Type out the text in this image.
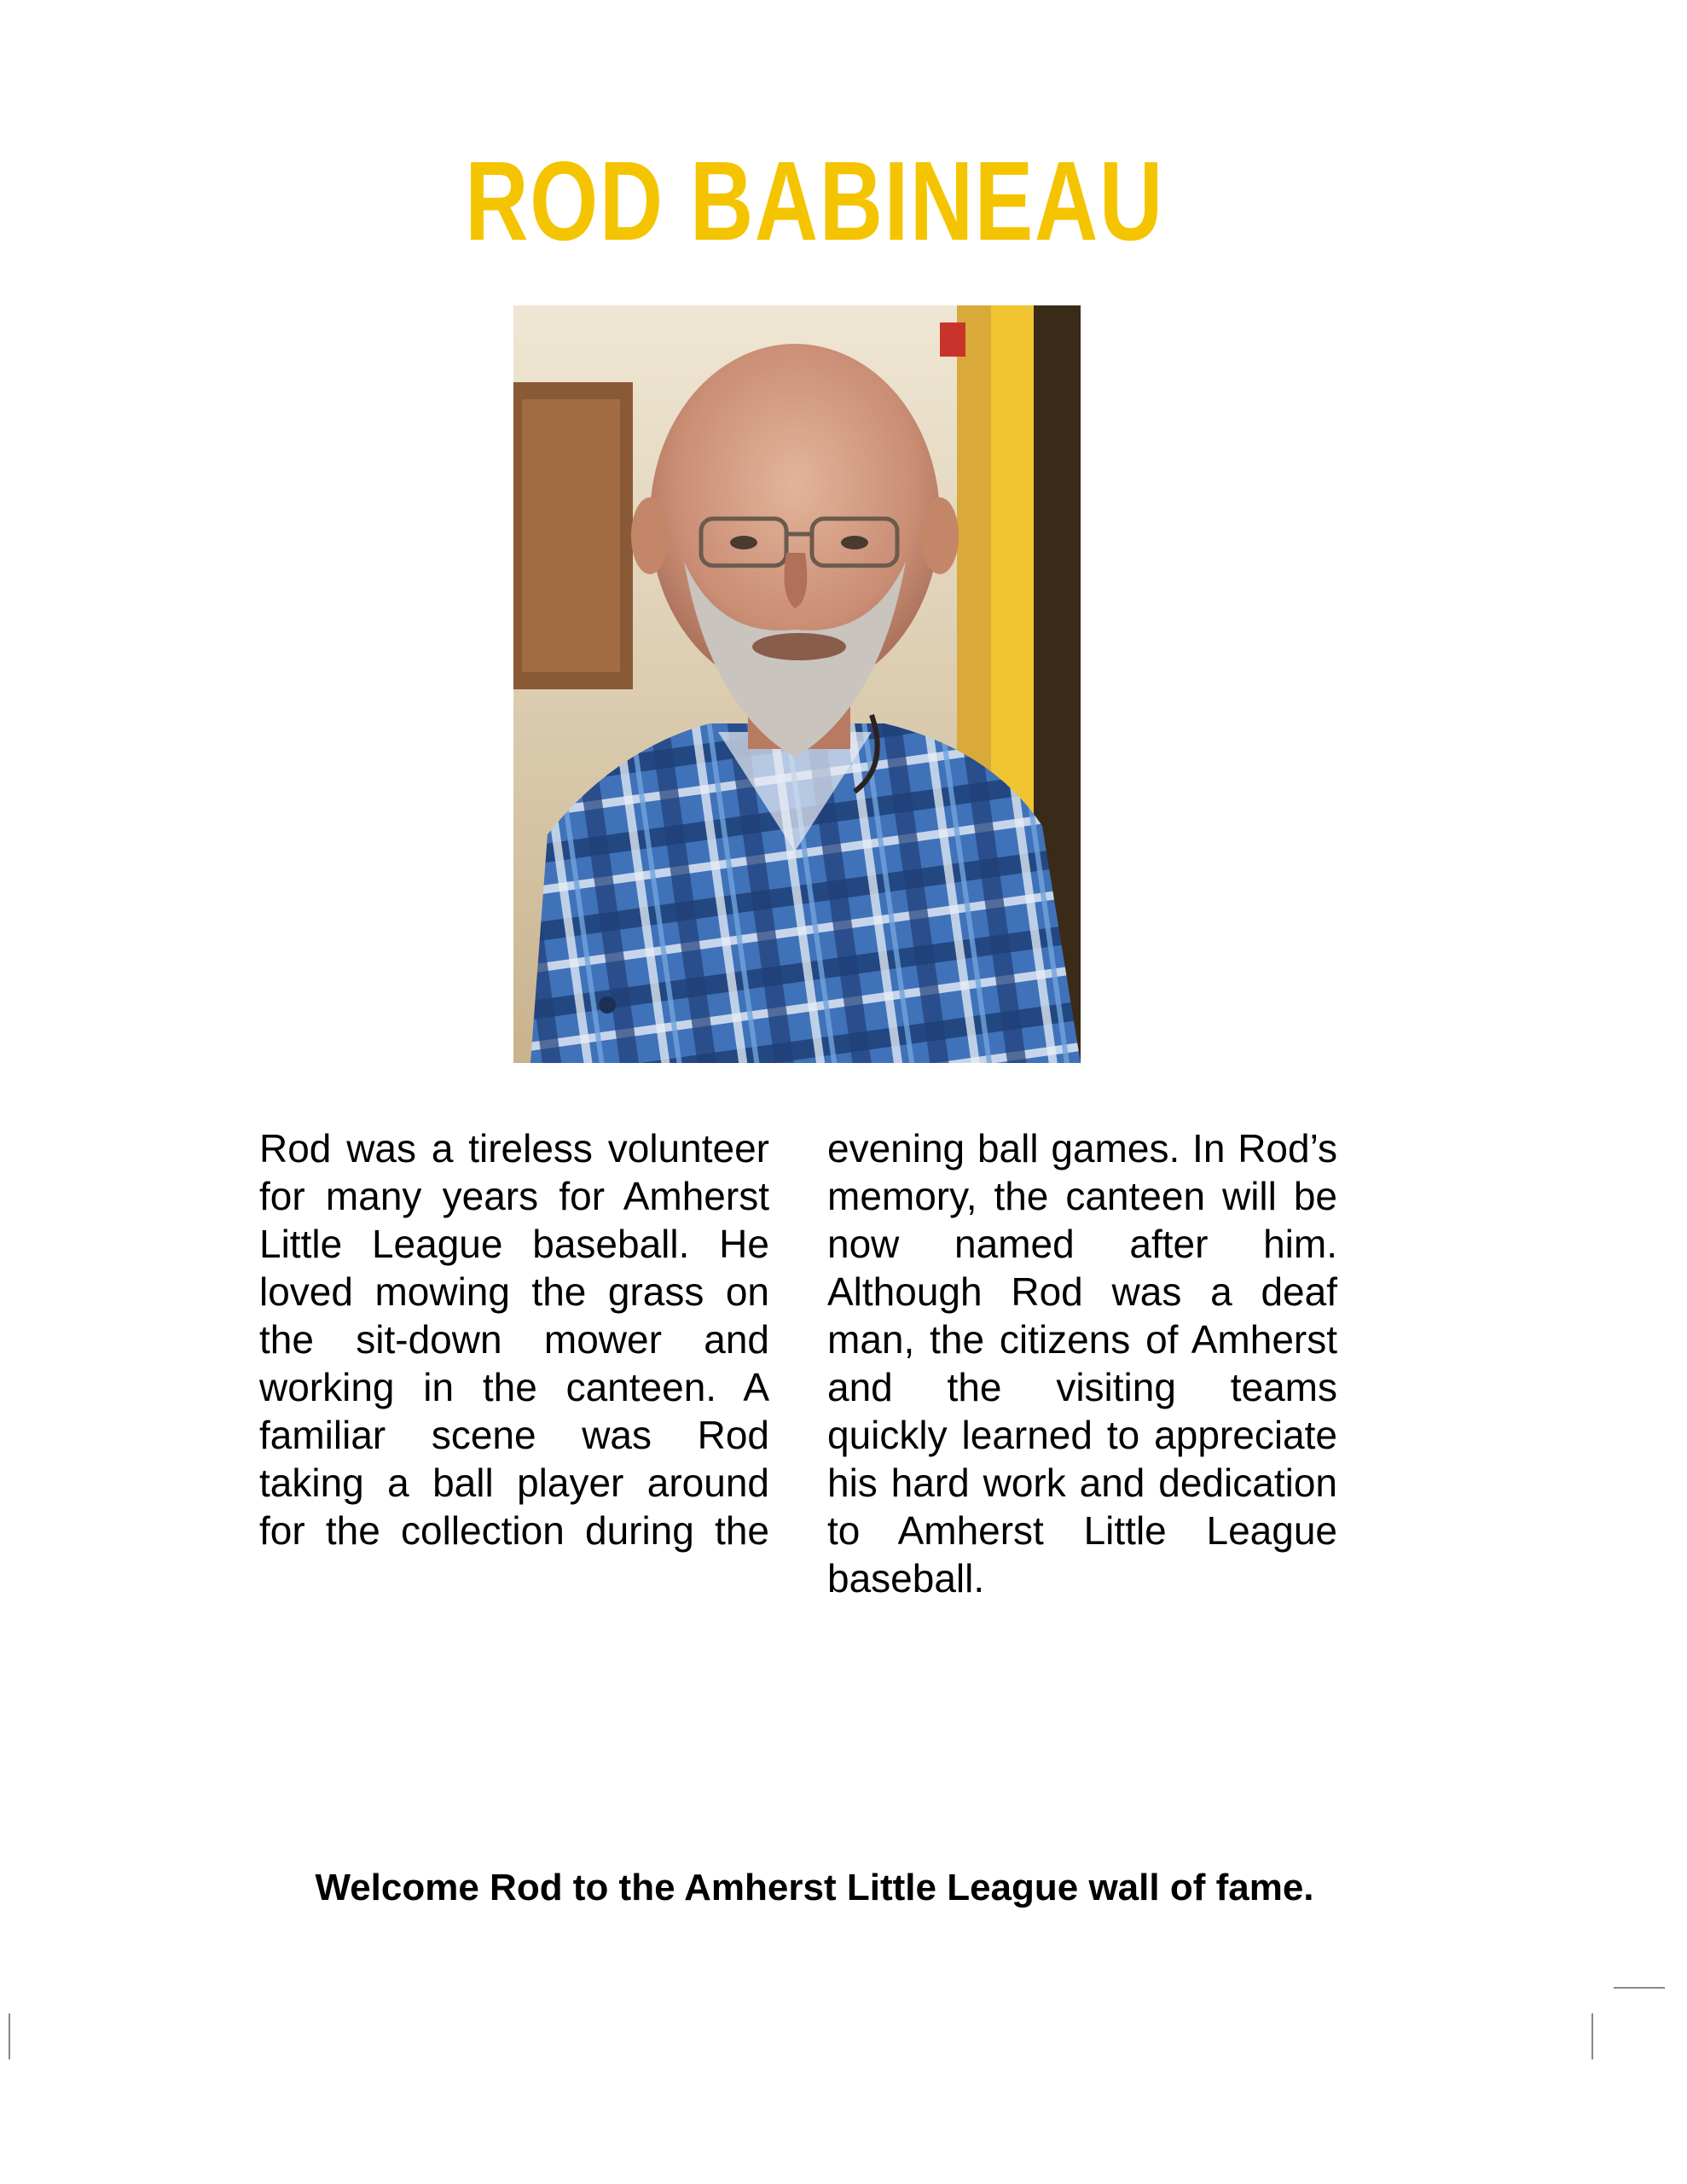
ROD BABINEAU
Rod was a tireless volunteer for many years for Amherst Little League baseball. He loved mowing the grass on the sit-down mower and working in the canteen. A familiar scene was Rod taking a ball player around for the collection during the
evening ball games. In Rod’s memory, the canteen will be now named after him. Although Rod was a deaf man, the citizens of Amherst and the visiting teams quickly learned to appreciate his hard work and dedication to Amherst Little League baseball.
Welcome Rod to the Amherst Little League wall of fame.
